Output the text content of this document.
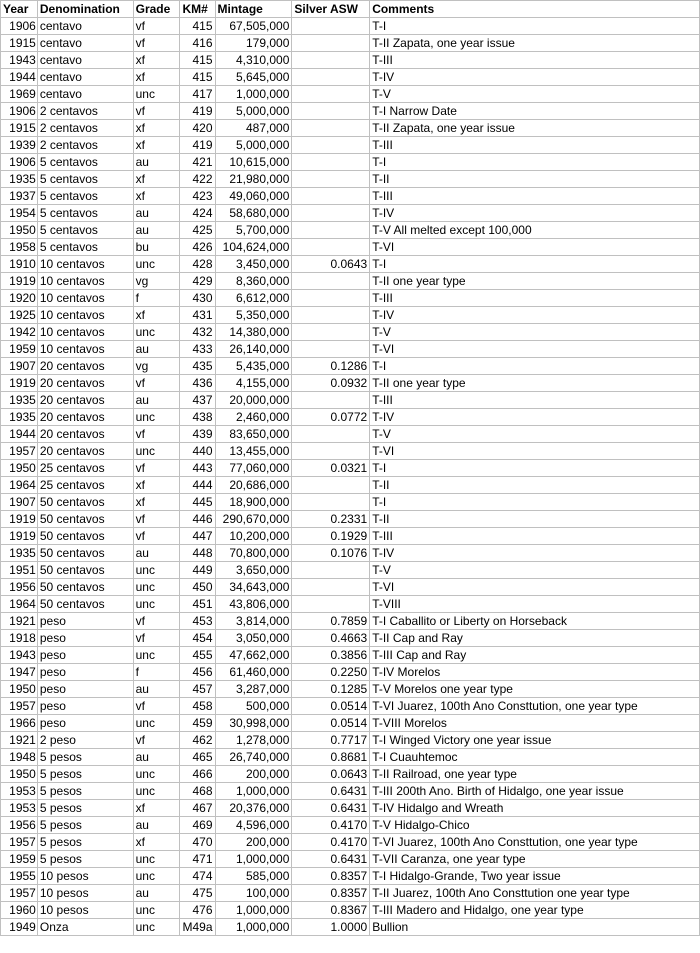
Year	Denomination	Grade	KM#	Mintage	Silver ASW	Comments
1906	centavo	vf	415	67,505,000		T-I
1915	centavo	vf	416	179,000		T-II Zapata, one year issue
1943	centavo	xf	415	4,310,000		T-III
1944	centavo	xf	415	5,645,000		T-IV
1969	centavo	unc	417	1,000,000		T-V
1906	2 centavos	vf	419	5,000,000		T-I Narrow Date
1915	2 centavos	xf	420	487,000		T-II Zapata, one year issue
1939	2 centavos	xf	419	5,000,000		T-III
1906	5 centavos	au	421	10,615,000		T-I
1935	5 centavos	xf	422	21,980,000		T-II
1937	5 centavos	xf	423	49,060,000		T-III
1954	5 centavos	au	424	58,680,000		T-IV
1950	5 centavos	au	425	5,700,000		T-V All melted except 100,000
1958	5 centavos	bu	426	104,624,000		T-VI
1910	10 centavos	unc	428	3,450,000	0.0643	T-I
1919	10 centavos	vg	429	8,360,000		T-II one year type
1920	10 centavos	f	430	6,612,000		T-III
1925	10 centavos	xf	431	5,350,000		T-IV
1942	10 centavos	unc	432	14,380,000		T-V
1959	10 centavos	au	433	26,140,000		T-VI
1907	20 centavos	vg	435	5,435,000	0.1286	T-I
1919	20 centavos	vf	436	4,155,000	0.0932	T-II one year type
1935	20 centavos	au	437	20,000,000		T-III
1935	20 centavos	unc	438	2,460,000	0.0772	T-IV
1944	20 centavos	vf	439	83,650,000		T-V
1957	20 centavos	unc	440	13,455,000		T-VI
1950	25 centavos	vf	443	77,060,000	0.0321	T-I
1964	25 centavos	xf	444	20,686,000		T-II
1907	50 centavos	xf	445	18,900,000		T-I
1919	50 centavos	vf	446	290,670,000	0.2331	T-II
1919	50 centavos	vf	447	10,200,000	0.1929	T-III
1935	50 centavos	au	448	70,800,000	0.1076	T-IV
1951	50 centavos	unc	449	3,650,000		T-V
1956	50 centavos	unc	450	34,643,000		T-VI
1964	50 centavos	unc	451	43,806,000		T-VIII
1921	peso	vf	453	3,814,000	0.7859	T-I Caballito or Liberty on Horseback
1918	peso	vf	454	3,050,000	0.4663	T-II Cap and Ray
1943	peso	unc	455	47,662,000	0.3856	T-III Cap and Ray
1947	peso	f	456	61,460,000	0.2250	T-IV Morelos
1950	peso	au	457	3,287,000	0.1285	T-V Morelos one year type
1957	peso	vf	458	500,000	0.0514	T-VI Juarez, 100th Ano Consttution, one year type
1966	peso	unc	459	30,998,000	0.0514	T-VIII Morelos
1921	2 peso	vf	462	1,278,000	0.7717	T-I Winged Victory one year issue
1948	5 pesos	au	465	26,740,000	0.8681	T-I Cuauhtemoc
1950	5 pesos	unc	466	200,000	0.0643	T-II Railroad, one year type
1953	5 pesos	unc	468	1,000,000	0.6431	T-III 200th Ano. Birth of Hidalgo, one year issue
1953	5 pesos	xf	467	20,376,000	0.6431	T-IV Hidalgo and Wreath
1956	5 pesos	au	469	4,596,000	0.4170	T-V Hidalgo-Chico
1957	5 pesos	xf	470	200,000	0.4170	T-VI Juarez, 100th Ano Consttution, one year type
1959	5 pesos	unc	471	1,000,000	0.6431	T-VII Caranza, one year type
1955	10 pesos	unc	474	585,000	0.8357	T-I Hidalgo-Grande, Two year issue
1957	10 pesos	au	475	100,000	0.8357	T-II Juarez, 100th Ano Consttution one year type
1960	10 pesos	unc	476	1,000,000	0.8367	T-III Madero and Hidalgo, one year type
1949	Onza	unc	M49a	1,000,000	1.0000	Bullion
